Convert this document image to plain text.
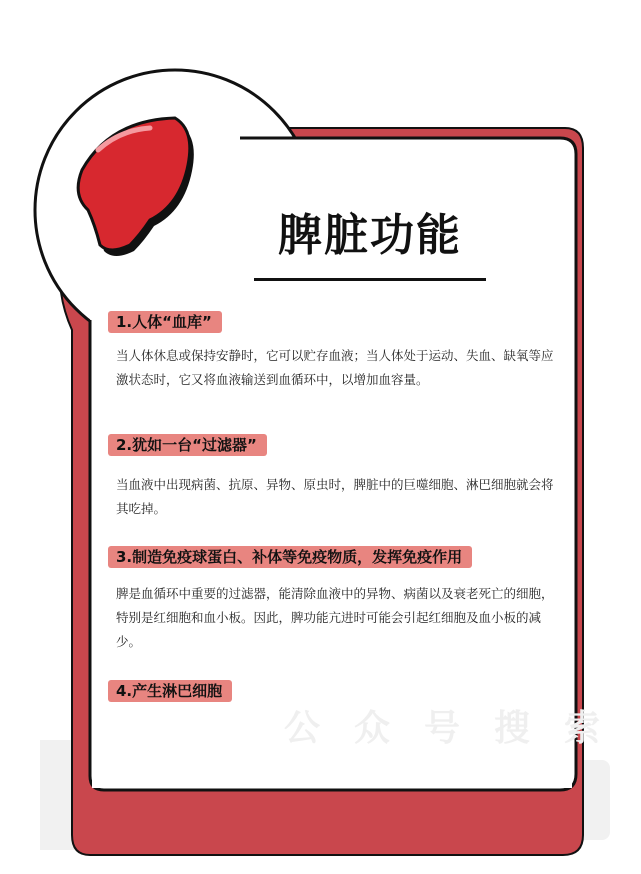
脾脏功能
1.人体“血库”
当人体休息或保持安静时，它可以贮存血液；当人体处于运动、失血、缺氧等应激状态时，它又将血液输送到血循环中，以增加血容量。
2.犹如一台“过滤器”
当血液中出现病菌、抗原、异物、原虫时，脾脏中的巨噬细胞、淋巴细胞就会将其吃掉。
3.制造免疫球蛋白、补体等免疫物质，发挥免疫作用
脾是血循环中重要的过滤器，能清除血液中的异物、病菌以及衰老死亡的细胞，特别是红细胞和血小板。因此，脾功能亢进时可能会引起红细胞及血小板的减少。
4.产生淋巴细胞
公众号搜索
